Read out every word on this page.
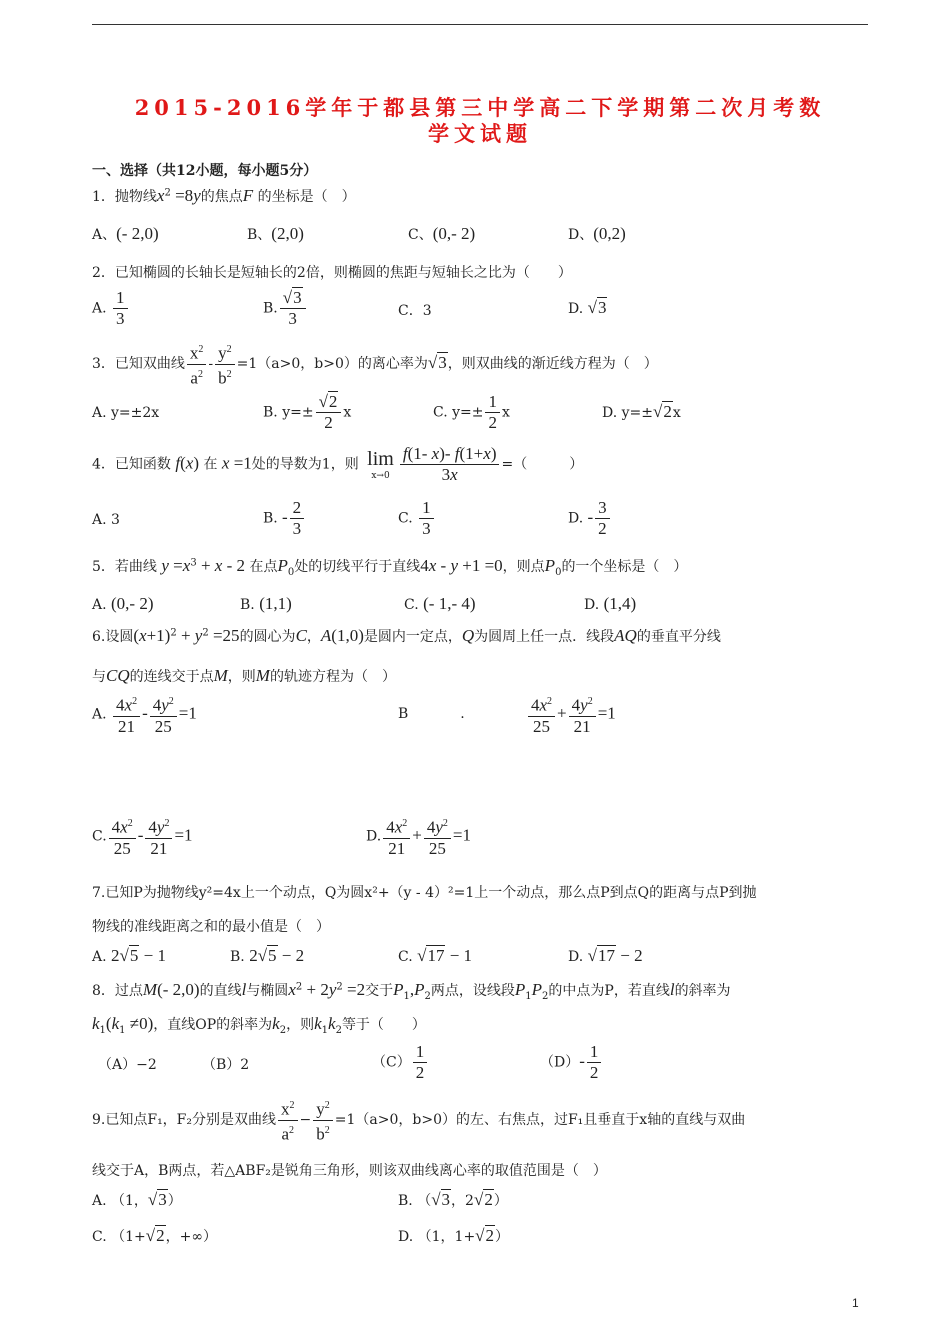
2015-2016学年于都县第三中学高二下学期第二次月考数
学文试题
一、选择（共12小题，每小题5分）
1．抛物线$x^2 =8y$的焦点F 的坐标是（　）
A、(- 2,0)	B、(2,0)	C、(0,- 2)	D、(0,2)
2．已知椭圆的长轴长是短轴长的2倍，则椭圆的焦距与短轴长之比为（　　）
A. $\frac{1}{3}$	B. $\frac{√3}{3}$	C．3	D. √3
3．已知双曲线 $\frac{x^2}{a^2} - \frac{y^2}{b^2} =1(a>0$，b>0）的离心率为√3，则双曲线的渐近线方程为（　）
A. y=±2x	B. $y=\pm \frac{√2}{2}$ x	C. $y=\pm \frac{1}{2}$ x	D. y=±√2x
4．已知函数 f(x) 在 x =1处的导数为1，则 lim
$x\to 0 \frac{f(1- x)- f(1+x)}{3x}$ =（　　　）
A. 3	B. - $\frac{2}{3}$	C. $\frac{1}{3}$	D. - $\frac{3}{2}$
5．若曲线 $y =x^3 + x - 2$ 在点$P_0$处的切线平行于直线4x - y +1 =0，则点$P_0$的一个坐标是（　）
A. (0,- 2)	B. (1,1)	C. (- 1,- 4)	D. (1,4)
6.设圆$(x+1)^2 + y^2 =25$的圆心为C，A(1,0)是圆内一定点，Q为圆周上任一点．线段AQ的垂直平分线
与CQ的连线交于点M，则M的轨迹方程为（　）
A. $\frac{4x^2}{21} - \frac{4y^2}{25} =1$	B	.	$\frac{4x^2}{25} + \frac{4y^2}{21} =1$
C. $\frac{4x^2}{25} - \frac{4y^2}{21} =1$	D. $\frac{4x^2}{21} + \frac{4y^2}{25} =1$
7.已知P为抛物线y²=4x上一个动点，Q为圆x²+（y - 4）²=1上一个动点，那么点P到点Q的距离与点P到抛
物线的准线距离之和的最小值是（　）
A. 2√5 − 1	B. 2√5 − 2	C. √17 − 1	D. √17 − 2
8．过点M(- 2,0)的直线l与椭圆$x^2 + 2y^2 =2$交于$P_1,P_2$两点，设线段$P_1P_2$的中点为P，若直线l的斜率为
$k_1(k_1 \ne 0)$，直线OP的斜率为$k_2$，则$k_1k_2$等于（　　）
（A）−2	（B）2	$(C) \frac{1}{2}$	$(D)- \frac{1}{2}$
9.已知点F₁，F₂分别是双曲线 $\frac{x^2}{a^2} - \frac{y^2}{b^2} =1(a>0$，b>0）的左、右焦点，过F₁且垂直于x轴的直线与双曲
线交于A，B两点，若△ABF₂是锐角三角形，则该双曲线离心率的取值范围是（　）
A. （1，√3）	B. （√3，2√2）
C. （1+√2，+∞）	D. （1，1+√2）
1
